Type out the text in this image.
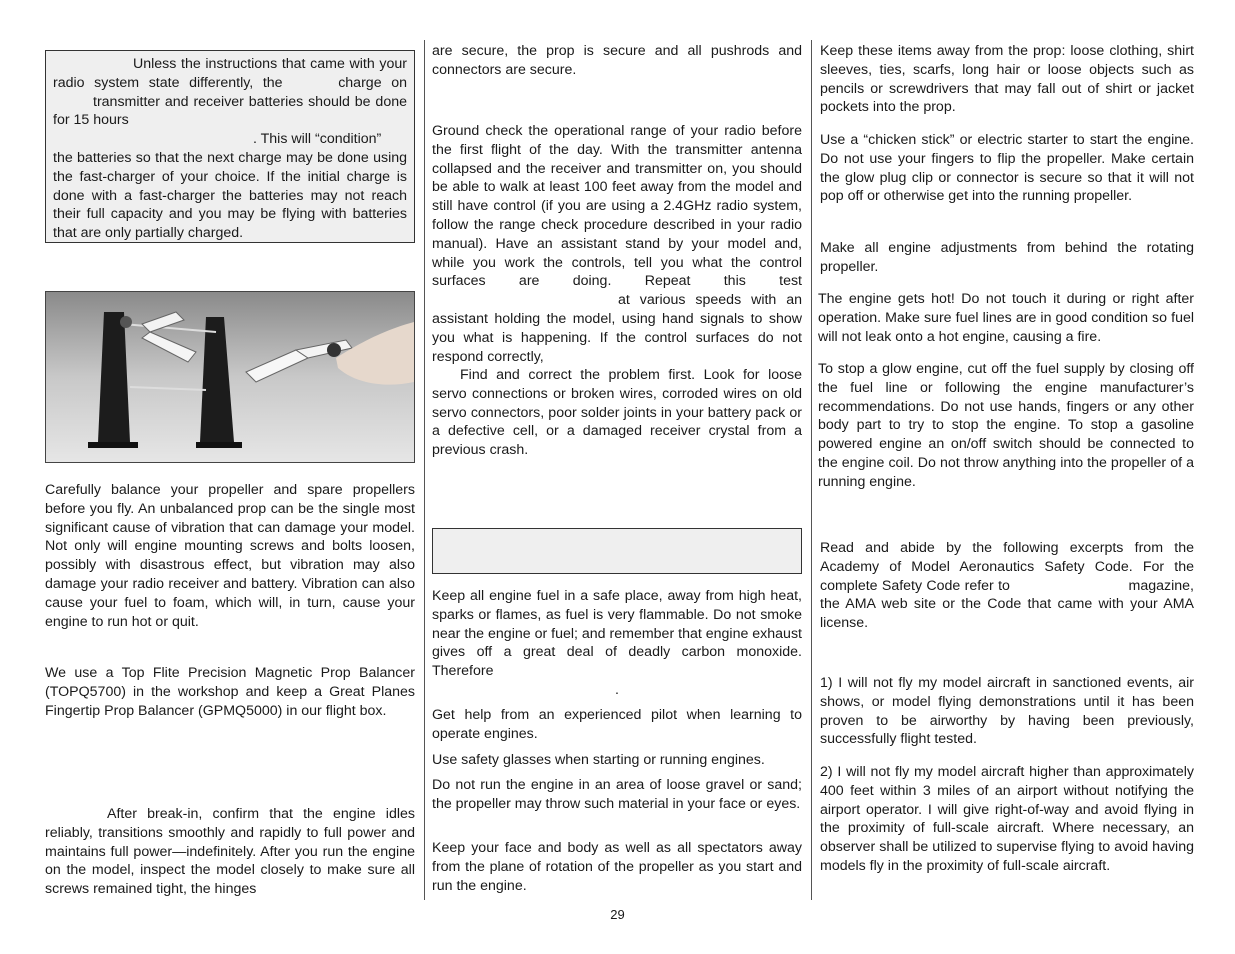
Unless the instructions that came with your radio system state differently, the	charge on transmitter and receiver batteries should be done for 15 hours
. This will “condition”

the batteries so that the next charge may be done using the fast-charger of your choice. If the initial charge is done with a fast-charger the batteries may not reach their full capacity and you may be flying with batteries that are only partially charged.

Carefully balance your propeller and spare propellers before you fly. An unbalanced prop can be the single most significant cause of vibration that can damage your model. Not only will engine mounting screws and bolts loosen, possibly with disastrous effect, but vibration may also damage your radio receiver and battery. Vibration can also cause your fuel to foam, which will, in turn, cause your engine to run hot or quit.

We use a Top Flite Precision Magnetic Prop Balancer (TOPQ5700) in the workshop and keep a Great Planes Fingertip Prop Balancer (GPMQ5000) in our flight box.

After break-in, confirm that the engine idles reliably, transitions smoothly and rapidly to full power and maintains full power—indefinitely. After you run the engine on the model, inspect the model closely to make sure all screws remained tight, the hinges

are secure, the prop is secure and all pushrods and connectors are secure.

Ground check the operational range of your radio before the first flight of the day. With the transmitter antenna collapsed and the receiver and transmitter on, you should be able to walk at least 100 feet away from the model and still have control (if you are using a 2.4GHz radio system, follow the range check procedure described in your radio manual). Have an assistant stand by your model and, while you work the controls, tell you what the control surfaces are doing. Repeat this test at various speeds with an assistant holding the model, using hand signals to show you what is happening. If the control surfaces do not respond correctly,

Find and correct the problem first. Look for loose servo connections or broken wires, corroded wires on old servo connectors, poor solder joints in your battery pack or a defective cell, or a damaged receiver crystal from a previous crash.

Keep all engine fuel in a safe place, away from high heat, sparks or flames, as fuel is very flammable. Do not smoke near the engine or fuel; and remember that engine exhaust gives off a great deal of deadly carbon monoxide. Therefore

.

Get help from an experienced pilot when learning to operate engines.

Use safety glasses when starting or running engines.

Do not run the engine in an area of loose gravel or sand; the propeller may throw such material in your face or eyes.

Keep your face and body as well as all spectators away from the plane of rotation of the propeller as you start and run the engine.

Keep these items away from the prop: loose clothing, shirt sleeves, ties, scarfs, long hair or loose objects such as pencils or screwdrivers that may fall out of shirt or jacket pockets into the prop.

Use a “chicken stick” or electric starter to start the engine. Do not use your fingers to flip the propeller. Make certain the glow plug clip or connector is secure so that it will not pop off or otherwise get into the running propeller.

Make all engine adjustments from behind the rotating propeller.

The engine gets hot! Do not touch it during or right after operation. Make sure fuel lines are in good condition so fuel will not leak onto a hot engine, causing a fire.

To stop a glow engine, cut off the fuel supply by closing off the fuel line or following the engine manufacturer’s recommendations. Do not use hands, fingers or any other body part to try to stop the engine. To stop a gasoline powered engine an on/off switch should be connected to the engine coil. Do not throw anything into the propeller of a running engine.

Read and abide by the following excerpts from the Academy of Model Aeronautics Safety Code. For the complete Safety Code refer to	magazine, the AMA web site or the Code that came with your AMA license.

1) I will not fly my model aircraft in sanctioned events, air shows, or model flying demonstrations until it has been proven to be airworthy by having been previously, successfully flight tested.

2) I will not fly my model aircraft higher than approximately 400 feet within 3 miles of an airport without notifying the airport operator. I will give right-of-way and avoid flying in the proximity of full-scale aircraft. Where necessary, an observer shall be utilized to supervise flying to avoid having models fly in the proximity of full-scale aircraft.

29
